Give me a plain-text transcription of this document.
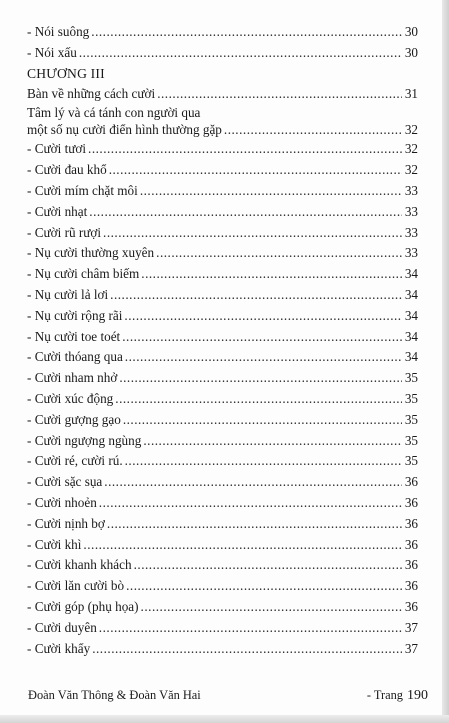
- Nói suông .....	30
- Nói xấu .....	30
CHƯƠNG III
Bàn về những cách cười .....	31
Tâm lý và cá tánh con người qua
một số nụ cười điển hình thường gặp .....	32
- Cười tươi .....	32
- Cười đau khổ .....	32
- Cười mím chặt môi .....	33
- Cười nhạt .....	33
- Cười rũ rượi .....	33
- Nụ cười thường xuyên .....	33
- Nụ cười châm biếm .....	34
- Nụ cười lả lơi .....	34
- Nụ cười rộng rãi .....	34
- Nụ cười toe toét .....	34
- Cười thóang qua .....	34
- Cười nham nhở .....	35
- Cười xúc động .....	35
- Cười gượng gạo .....	35
- Cười ngượng ngùng .....	35
- Cười ré, cười rú. .....	35
- Cười sặc sụa .....	36
- Cười nhoẻn .....	36
- Cười nịnh bợ .....	36
- Cười khì .....	36
- Cười khanh khách .....	36
- Cười lăn cười bò .....	36
- Cười góp (phụ họa) .....	36
- Cười duyên .....	37
- Cười khẩy .....	37
Đoàn Văn Thông & Đoàn Văn Hai	- Trang 190
